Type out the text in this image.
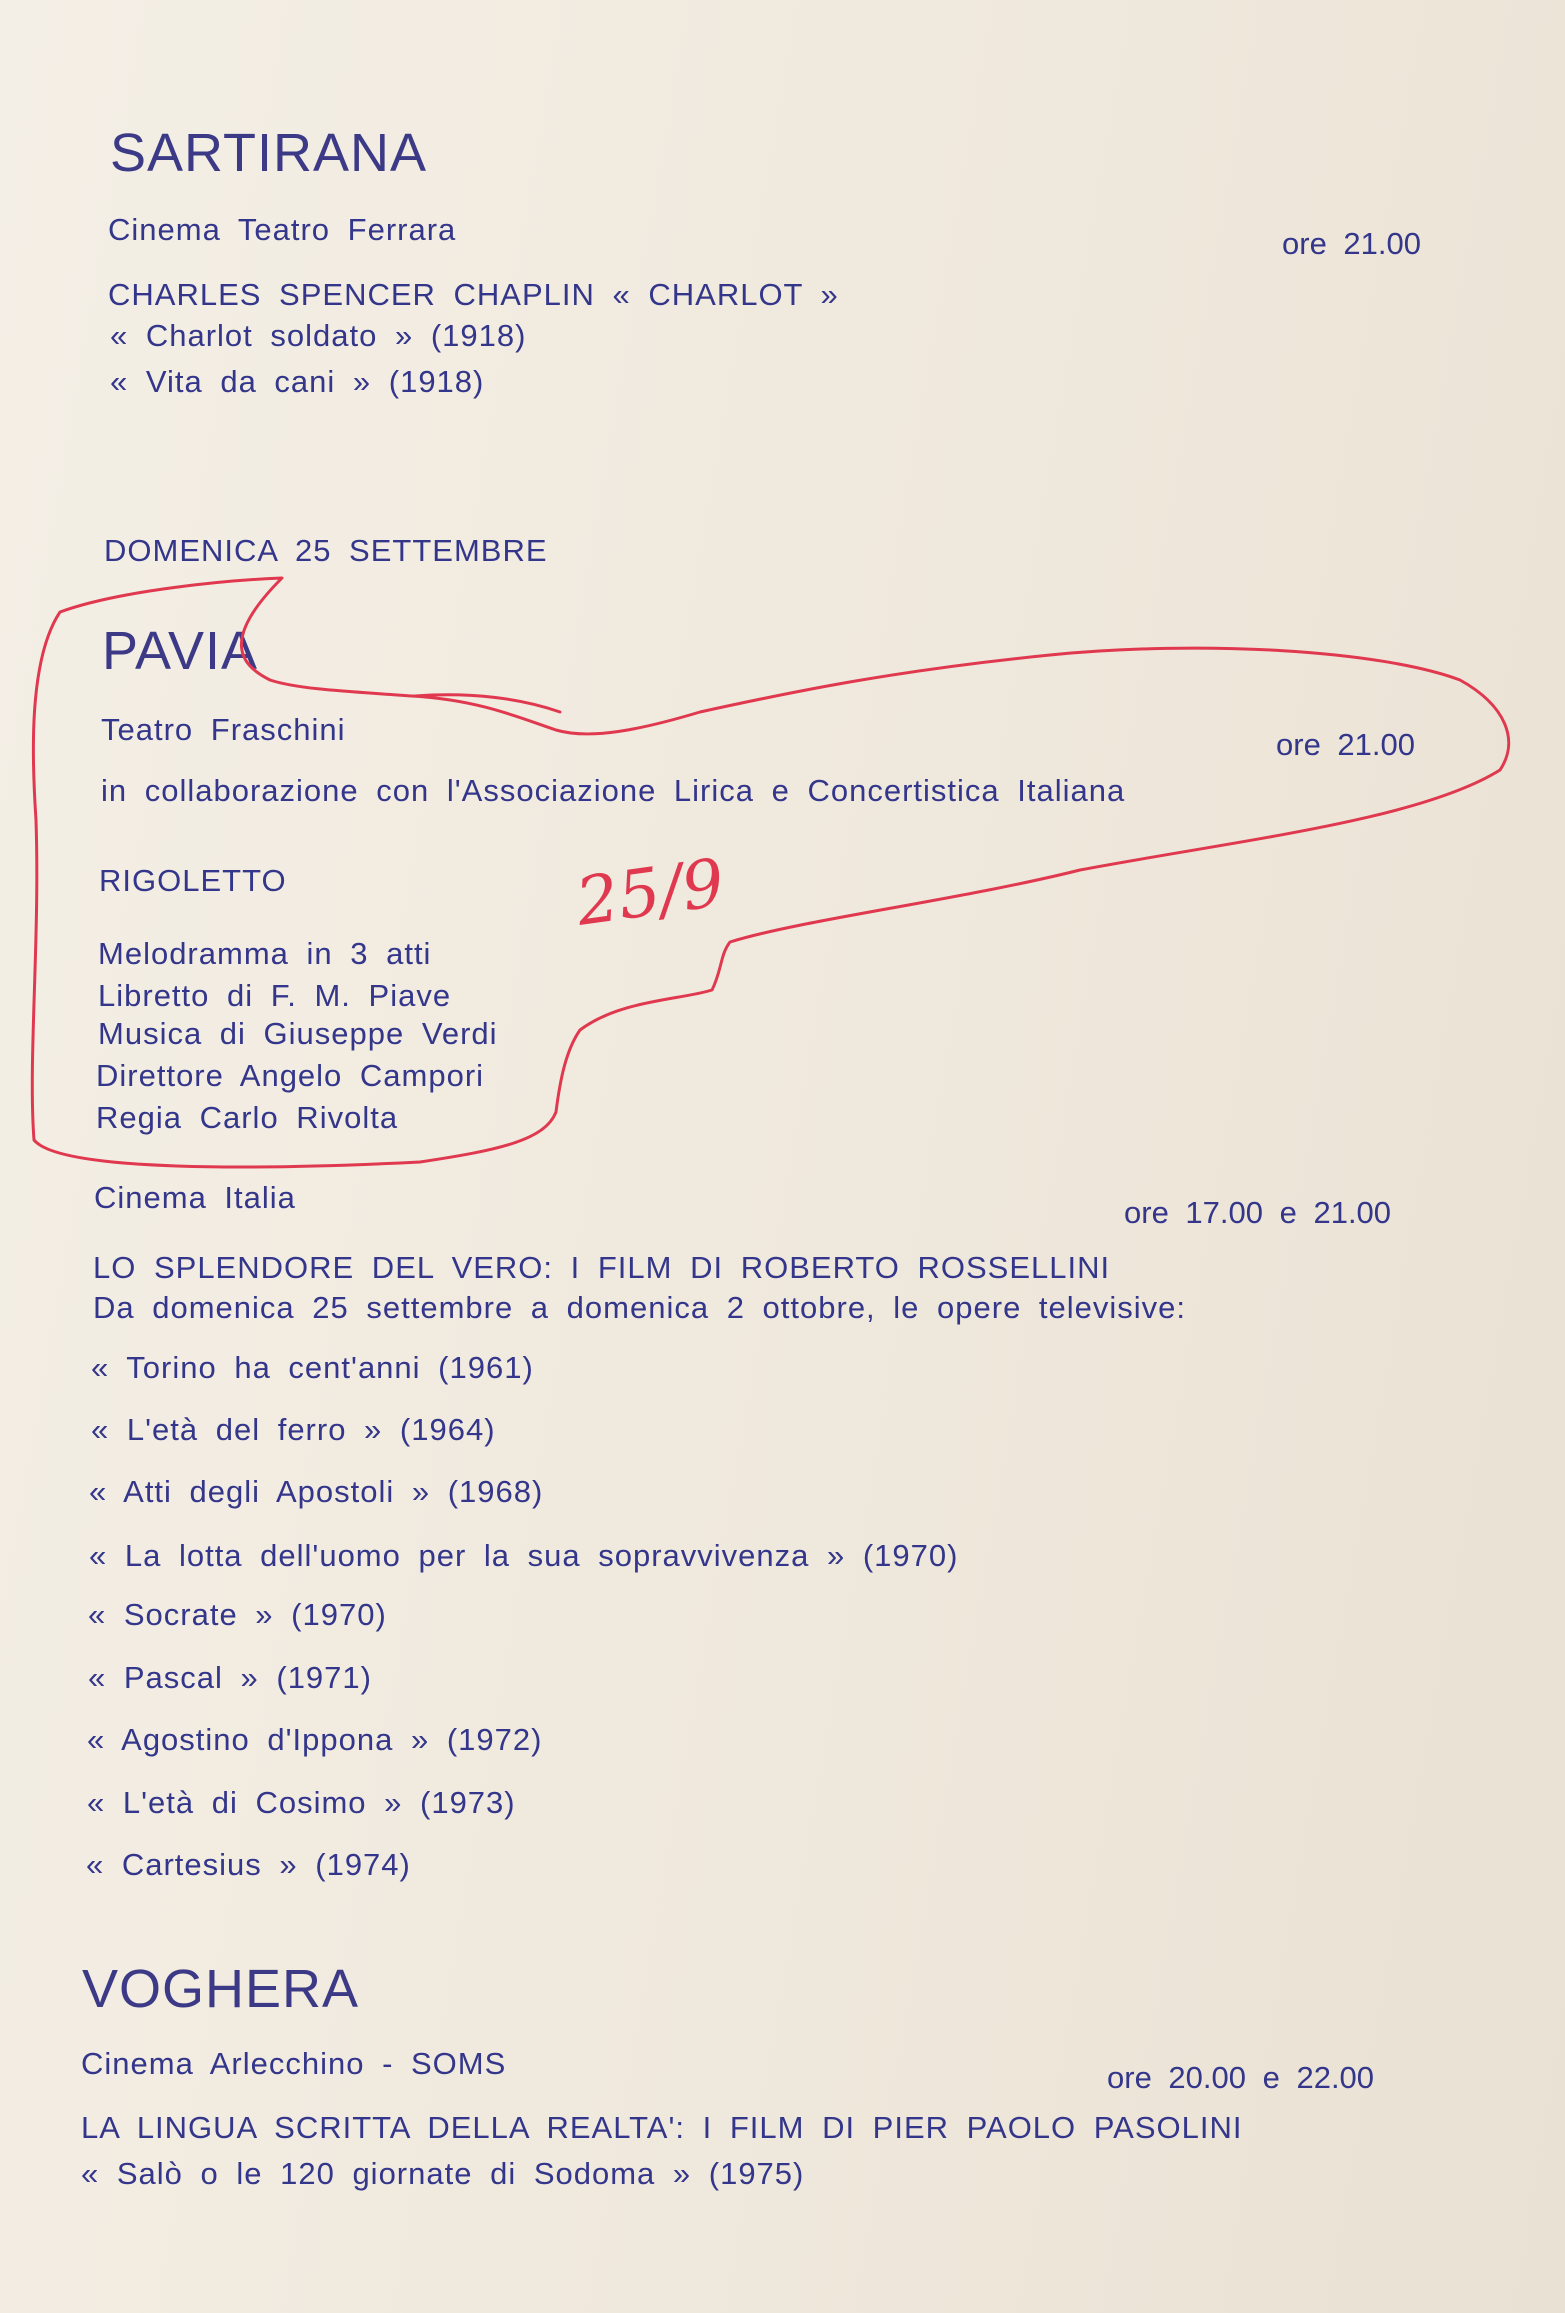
SARTIRANA
Cinema Teatro Ferrara	ore 21.00
CHARLES SPENCER CHAPLIN « CHARLOT »
« Charlot soldato » (1918)
« Vita da cani » (1918)
DOMENICA 25 SETTEMBRE
PAVIA
Teatro Fraschini	ore 21.00
in collaborazione con l'Associazione Lirica e Concertistica Italiana
RIGOLETTO
Melodramma in 3 atti
Libretto di F. M. Piave
Musica di Giuseppe Verdi
Direttore Angelo Campori
Regia Carlo Rivolta
Cinema Italia	ore 17.00 e 21.00
LO SPLENDORE DEL VERO: I FILM DI ROBERTO ROSSELLINI
Da domenica 25 settembre a domenica 2 ottobre, le opere televisive:
« Torino ha cent'anni (1961)
« L'età del ferro » (1964)
« Atti degli Apostoli » (1968)
« La lotta dell'uomo per la sua sopravvivenza » (1970)
« Socrate » (1970)
« Pascal » (1971)
« Agostino d'Ippona » (1972)
« L'età di Cosimo » (1973)
« Cartesius » (1974)
VOGHERA
Cinema Arlecchino - SOMS	ore 20.00 e 22.00
LA LINGUA SCRITTA DELLA REALTA': I FILM DI PIER PAOLO PASOLINI
« Salò o le 120 giornate di Sodoma » (1975)
25/9
